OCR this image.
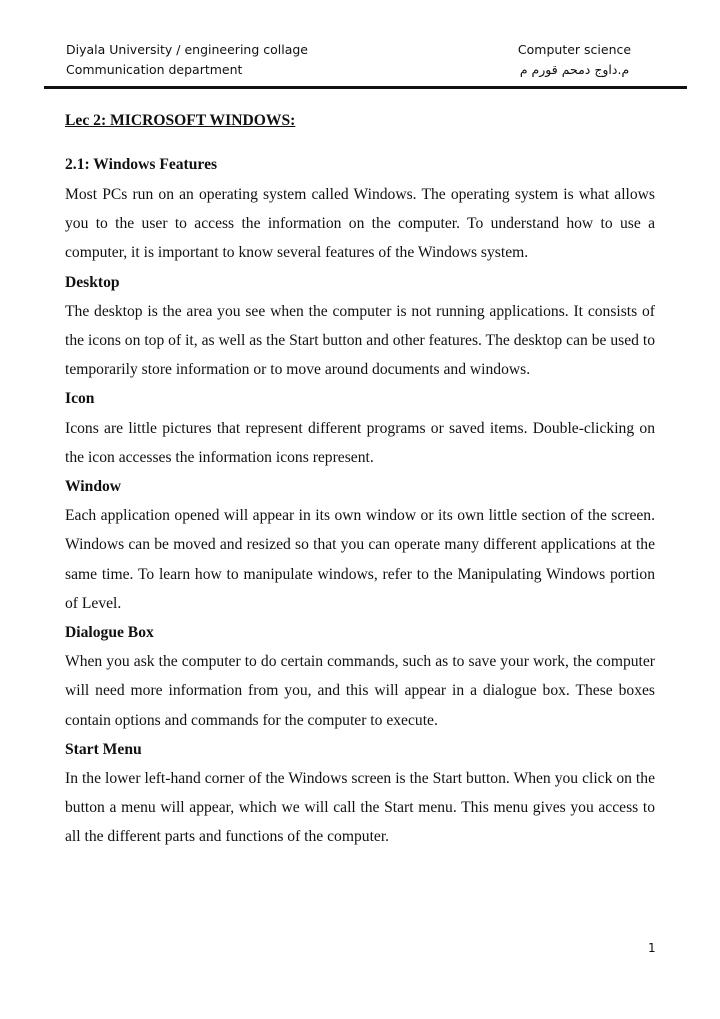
Diyala University / engineering collage
Communication department
Computer science
م.داوج دمحم قورم م

Lec 2: MICROSOFT WINDOWS:

2.1: Windows Features

Most PCs run on an operating system called Windows. The operating system is what allows you to the user to access the information on the computer. To understand how to use a computer, it is important to know several features of the Windows system.

Desktop

The desktop is the area you see when the computer is not running applications. It consists of the icons on top of it, as well as the Start button and other features. The desktop can be used to temporarily store information or to move around documents and windows.

Icon

Icons are little pictures that represent different programs or saved items. Double-clicking on the icon accesses the information icons represent.

Window

Each application opened will appear in its own window or its own little section of the screen. Windows can be moved and resized so that you can operate many different applications at the same time. To learn how to manipulate windows, refer to the Manipulating Windows portion of Level.

Dialogue Box

When you ask the computer to do certain commands, such as to save your work, the computer will need more information from you, and this will appear in a dialogue box. These boxes contain options and commands for the computer to execute.

Start Menu

In the lower left-hand corner of the Windows screen is the Start button. When you click on the button a menu will appear, which we will call the Start menu. This menu gives you access to all the different parts and functions of the computer.

1
